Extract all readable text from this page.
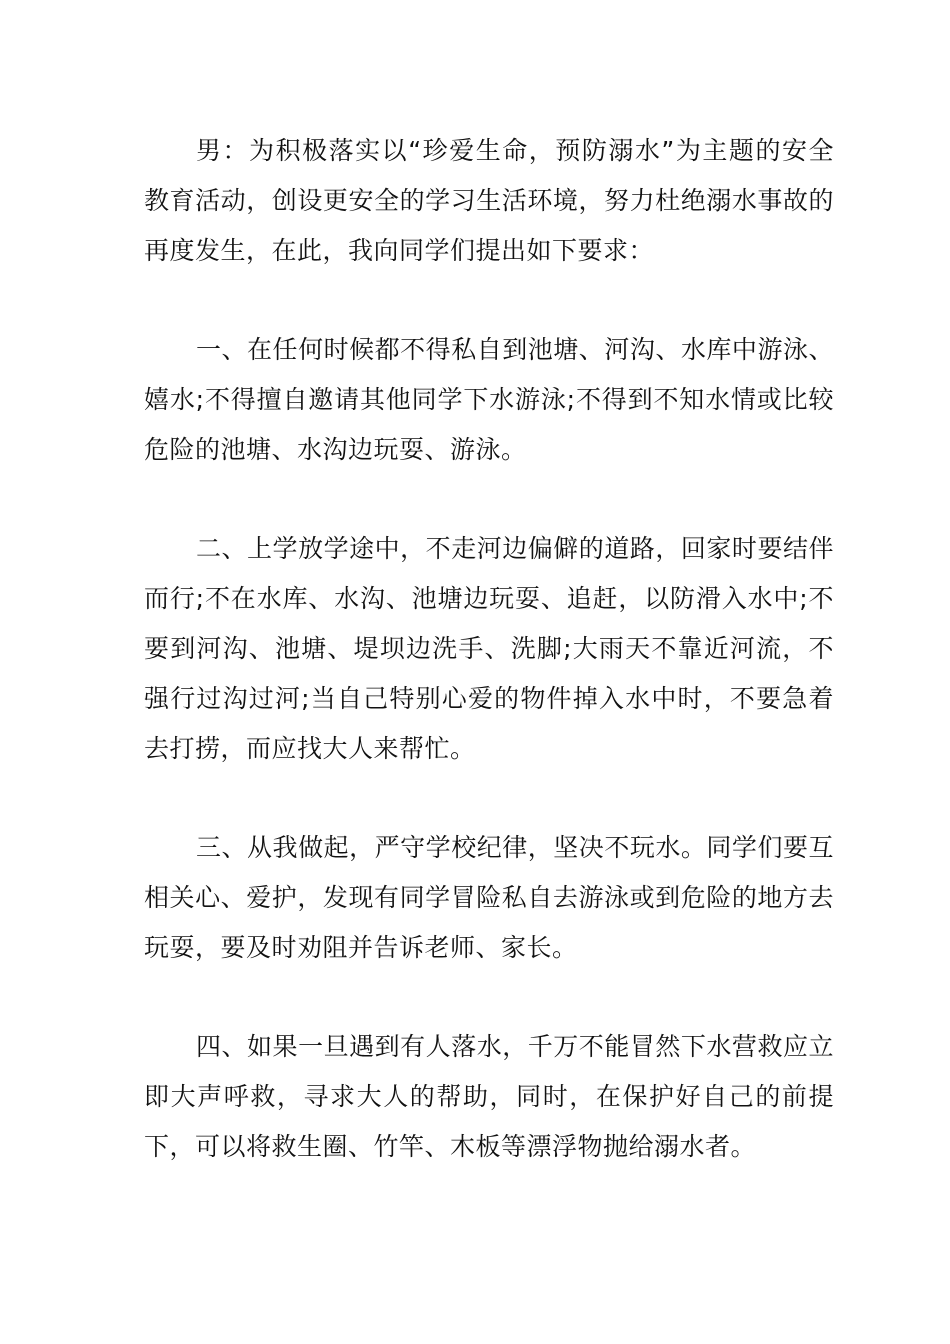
男：为积极落实以“珍爱生命，预防溺水”为主题的安全教育活动，创设更安全的学习生活环境，努力杜绝溺水事故的再度发生，在此，我向同学们提出如下要求：

一、在任何时候都不得私自到池塘、河沟、水库中游泳、嬉水;不得擅自邀请其他同学下水游泳;不得到不知水情或比较危险的池塘、水沟边玩耍、游泳。

二、上学放学途中，不走河边偏僻的道路，回家时要结伴而行;不在水库、水沟、池塘边玩耍、追赶，以防滑入水中;不要到河沟、池塘、堤坝边洗手、洗脚;大雨天不靠近河流，不强行过沟过河;当自己特别心爱的物件掉入水中时，不要急着去打捞，而应找大人来帮忙。

三、从我做起，严守学校纪律，坚决不玩水。同学们要互相关心、爱护，发现有同学冒险私自去游泳或到危险的地方去玩耍，要及时劝阻并告诉老师、家长。

四、如果一旦遇到有人落水，千万不能冒然下水营救应立即大声呼救，寻求大人的帮助，同时，在保护好自己的前提下，可以将救生圈、竹竿、木板等漂浮物抛给溺水者。
